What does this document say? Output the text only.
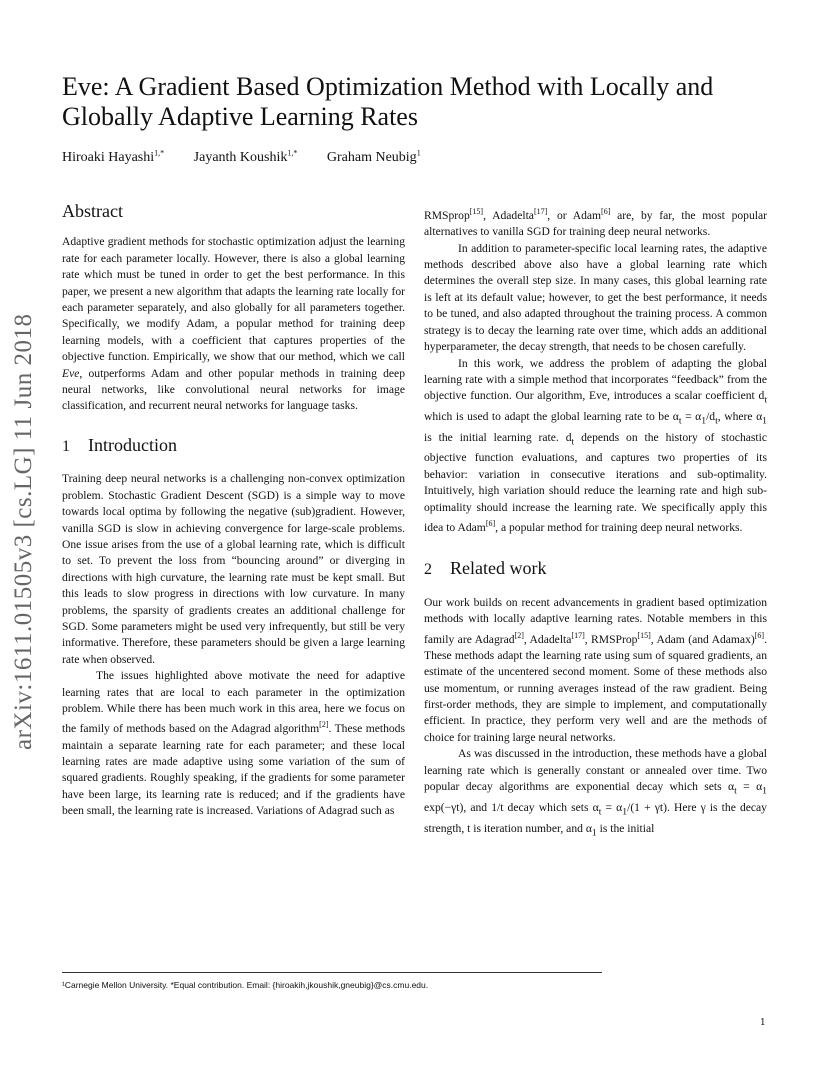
arXiv:1611.01505v3 [cs.LG] 11 Jun 2018
Eve: A Gradient Based Optimization Method with Locally and Globally Adaptive Learning Rates
Hiroaki Hayashi$^{1,*}$ Jayanth Koushik$^{1,*}$ Graham Neubig$^1$
Abstract

Adaptive gradient methods for stochastic optimization adjust the learning rate for each parameter locally. However, there is also a global learning rate which must be tuned in order to get the best performance. In this paper, we present a new algorithm that adapts the learning rate locally for each parameter separately, and also globally for all parameters together. Specifically, we modify Adam, a popular method for training deep learning models, with a coefficient that captures properties of the objective function. Empirically, we show that our method, which we call Eve, outperforms Adam and other popular methods in training deep neural networks, like convolutional neural networks for image classification, and recurrent neural networks for language tasks.

1 Introduction

Training deep neural networks is a challenging non-convex optimization problem. Stochastic Gradient Descent (SGD) is a simple way to move towards local optima by following the negative (sub)gradient. However, vanilla SGD is slow in achieving convergence for large-scale problems. One issue arises from the use of a global learning rate, which is difficult to set. To prevent the loss from “bouncing around” or diverging in directions with high curvature, the learning rate must be kept small. But this leads to slow progress in directions with low curvature. In many problems, the sparsity of gradients creates an additional challenge for SGD. Some parameters might be used very infrequently, but still be very informative. Therefore, these parameters should be given a large learning rate when observed.

The issues highlighted above motivate the need for adaptive learning rates that are local to each parameter in the optimization problem. While there has been much work in this area, here we focus on the family of methods based on the Adagrad algorithm[2]. These methods maintain a separate learning rate for each parameter; and these local learning rates are made adaptive using some variation of the sum of squared gradients. Roughly speaking, if the gradients for some parameter have been large, its learning rate is reduced; and if the gradients have been small, the learning rate is increased. Variations of Adagrad such as

RMSprop[15], Adadelta[17], or Adam[6] are, by far, the most popular alternatives to vanilla SGD for training deep neural networks.

In addition to parameter-specific local learning rates, the adaptive methods described above also have a global learning rate which determines the overall step size. In many cases, this global learning rate is left at its default value; however, to get the best performance, it needs to be tuned, and also adapted throughout the training process. A common strategy is to decay the learning rate over time, which adds an additional hyperparameter, the decay strength, that needs to be chosen carefully.

In this work, we address the problem of adapting the global learning rate with a simple method that incorporates “feedback” from the objective function. Our algorithm, Eve, introduces a scalar coefficient $d_t$ which is used to adapt the global learning rate to be $\alpha_t = \alpha_1/d_t$, where $\alpha_1$ is the initial learning rate. $d_t$ depends on the history of stochastic objective function evaluations, and captures two properties of its behavior: variation in consecutive iterations and sub-optimality. Intuitively, high variation should reduce the learning rate and high sub-optimality should increase the learning rate. We specifically apply this idea to Adam[6], a popular method for training deep neural networks.

2 Related work

Our work builds on recent advancements in gradient based optimization methods with locally adaptive learning rates. Notable members in this family are Adagrad[2], Adadelta[17], RMSProp[15], Adam (and Adamax)[6]. These methods adapt the learning rate using sum of squared gradients, an estimate of the uncentered second moment. Some of these methods also use momentum, or running averages instead of the raw gradient. Being first-order methods, they are simple to implement, and computationally efficient. In practice, they perform very well and are the methods of choice for training large neural networks.

As was discussed in the introduction, these methods have a global learning rate which is generally constant or annealed over time. Two popular decay algorithms are exponential decay which sets $\alpha_t = \alpha_1$ exp(−γt), and 1/t decay which sets $\alpha_t = \alpha_1/(1 + \gamma t)$. Here γ is the decay strength, t is iteration number, and $\alpha_1$ is the initial

¹Carnegie Mellon University. *Equal contribution. Email: {hiroakih,jkoushik,gneubig}@cs.cmu.edu.
1
